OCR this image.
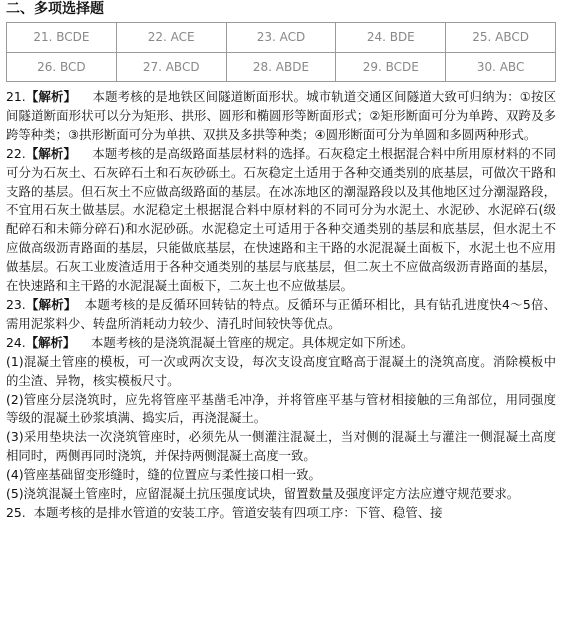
二、多项选择题
21. BCDE	22. ACE	23. ACD	24. BDE	25. ABCD
26. BCD	27. ABCD	28. ABDE	29. BCDE	30. ABC

21.【解析】 本题考核的是地铁区间隧道断面形状。城市轨道交通区间隧道大致可归纳为：①按区间隧道断面形状可以分为矩形、拱形、圆形和椭圆形等断面形式；②矩形断面可分为单跨、双跨及多跨等种类；③拱形断面可分为单拱、双拱及多拱等种类；④圆形断面可分为单圆和多圆两种形式。

22.【解析】 本题考核的是高级路面基层材料的选择。石灰稳定土根据混合料中所用原材料的不同可分为石灰土、石灰碎石土和石灰砂砾土。石灰稳定土适用于各种交通类别的底基层，可做次干路和支路的基层。但石灰土不应做高级路面的基层。在冰冻地区的潮湿路段以及其他地区过分潮湿路段，不宜用石灰土做基层。水泥稳定土根据混合料中原材料的不同可分为水泥土、水泥砂、水泥碎石(级配碎石和未筛分碎石)和水泥砂砾。水泥稳定土可适用于各种交通类别的基层和底基层，但水泥土不应做高级沥青路面的基层，只能做底基层，在快速路和主干路的水泥混凝土面板下，水泥土也不应用做基层。石灰工业废渣适用于各种交通类别的基层与底基层，但二灰土不应做高级沥青路面的基层，在快速路和主干路的水泥混凝土面板下，二灰土也不应做基层。

23.【解析】 本题考核的是反循环回转钻的特点。反循环与正循环相比，具有钻孔进度快4～5倍、需用泥浆料少、转盘所消耗动力较少、清孔时间较快等优点。

24.【解析】 本题考核的是浇筑混凝土管座的规定。具体规定如下所述。

(1)混凝土管座的模板，可一次或两次支设，每次支设高度宜略高于混凝土的浇筑高度。消除模板中的尘渣、异物，核实模板尺寸。

(2)管座分层浇筑时，应先将管座平基凿毛冲净，并将管座平基与管材相接触的三角部位，用同强度等级的混凝土砂浆填满、捣实后，再浇混凝土。

(3)采用垫块法一次浇筑管座时，必须先从一侧灌注混凝土，当对侧的混凝土与灌注一侧混凝土高度相同时，两侧再同时浇筑，并保持两侧混凝土高度一致。

(4)管座基础留变形缝时，缝的位置应与柔性接口相一致。

(5)浇筑混凝土管座时，应留混凝土抗压强度试块，留置数量及强度评定方法应遵守规范要求。

25. 本题考核的是排水管道的安装工序。管道安装有四项工序：下管、稳管、接
